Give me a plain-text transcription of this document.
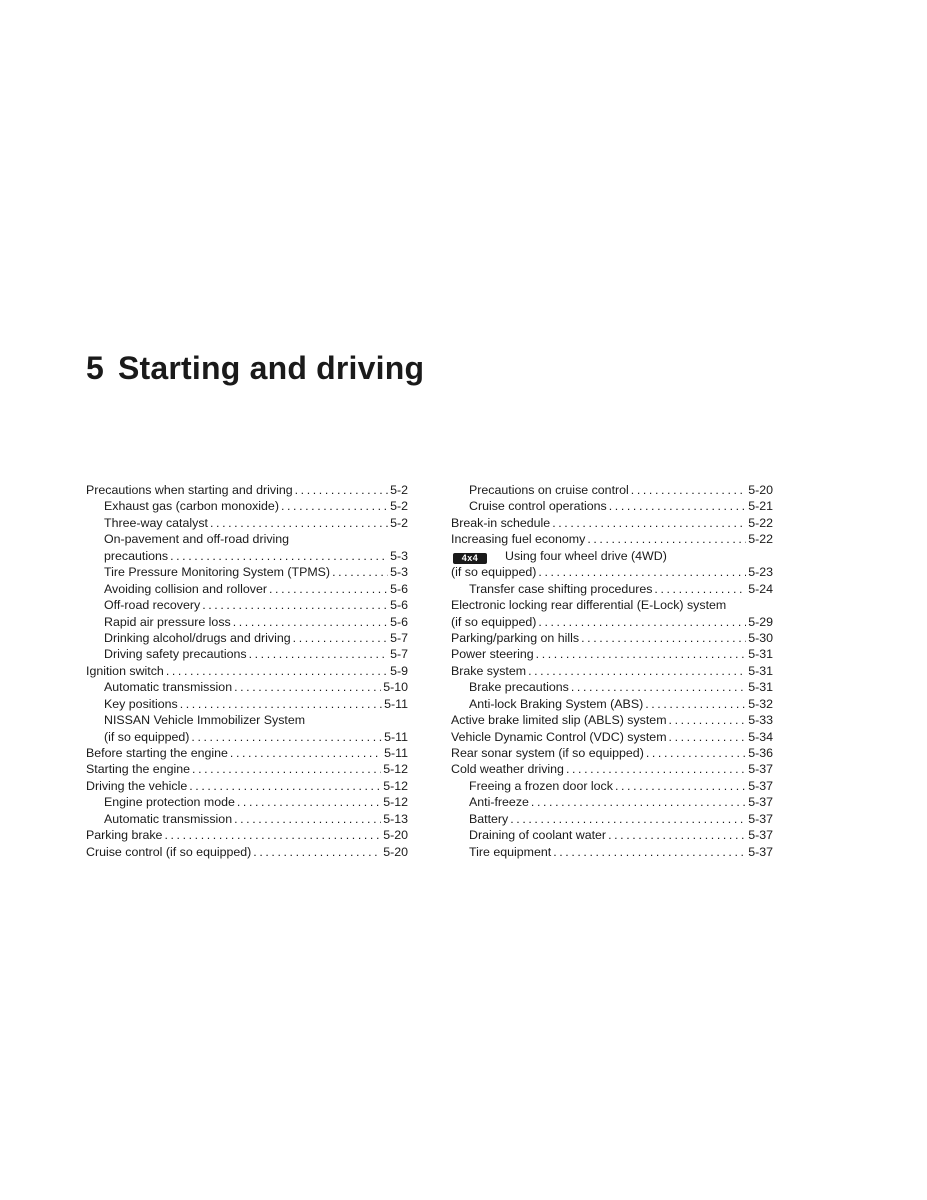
5 Starting and driving
Precautions when starting and driving .....	5-2
Exhaust gas (carbon monoxide) .....	5-2
Three-way catalyst .....	5-2
On-pavement and off-road driving
precautions .....	5-3
Tire Pressure Monitoring System (TPMS) .....	5-3
Avoiding collision and rollover .....	5-6
Off-road recovery .....	5-6
Rapid air pressure loss .....	5-6
Drinking alcohol/drugs and driving .....	5-7
Driving safety precautions .....	5-7
Ignition switch .....	5-9
Automatic transmission .....	5-10
Key positions .....	5-11
NISSAN Vehicle Immobilizer System
(if so equipped) .....	5-11
Before starting the engine .....	5-11
Starting the engine .....	5-12
Driving the vehicle .....	5-12
Engine protection mode .....	5-12
Automatic transmission .....	5-13
Parking brake .....	5-20
Cruise control (if so equipped) .....	5-20
Precautions on cruise control .....	5-20
Cruise control operations .....	5-21
Break-in schedule .....	5-22
Increasing fuel economy .....	5-22
4x4	Using four wheel drive (4WD)
(if so equipped) .....	5-23
Transfer case shifting procedures .....	5-24
Electronic locking rear differential (E-Lock) system
(if so equipped) .....	5-29
Parking/parking on hills .....	5-30
Power steering .....	5-31
Brake system .....	5-31
Brake precautions .....	5-31
Anti-lock Braking System (ABS) .....	5-32
Active brake limited slip (ABLS) system .....	5-33
Vehicle Dynamic Control (VDC) system .....	5-34
Rear sonar system (if so equipped) .....	5-36
Cold weather driving .....	5-37
Freeing a frozen door lock .....	5-37
Anti-freeze .....	5-37
Battery .....	5-37
Draining of coolant water .....	5-37
Tire equipment .....	5-37
